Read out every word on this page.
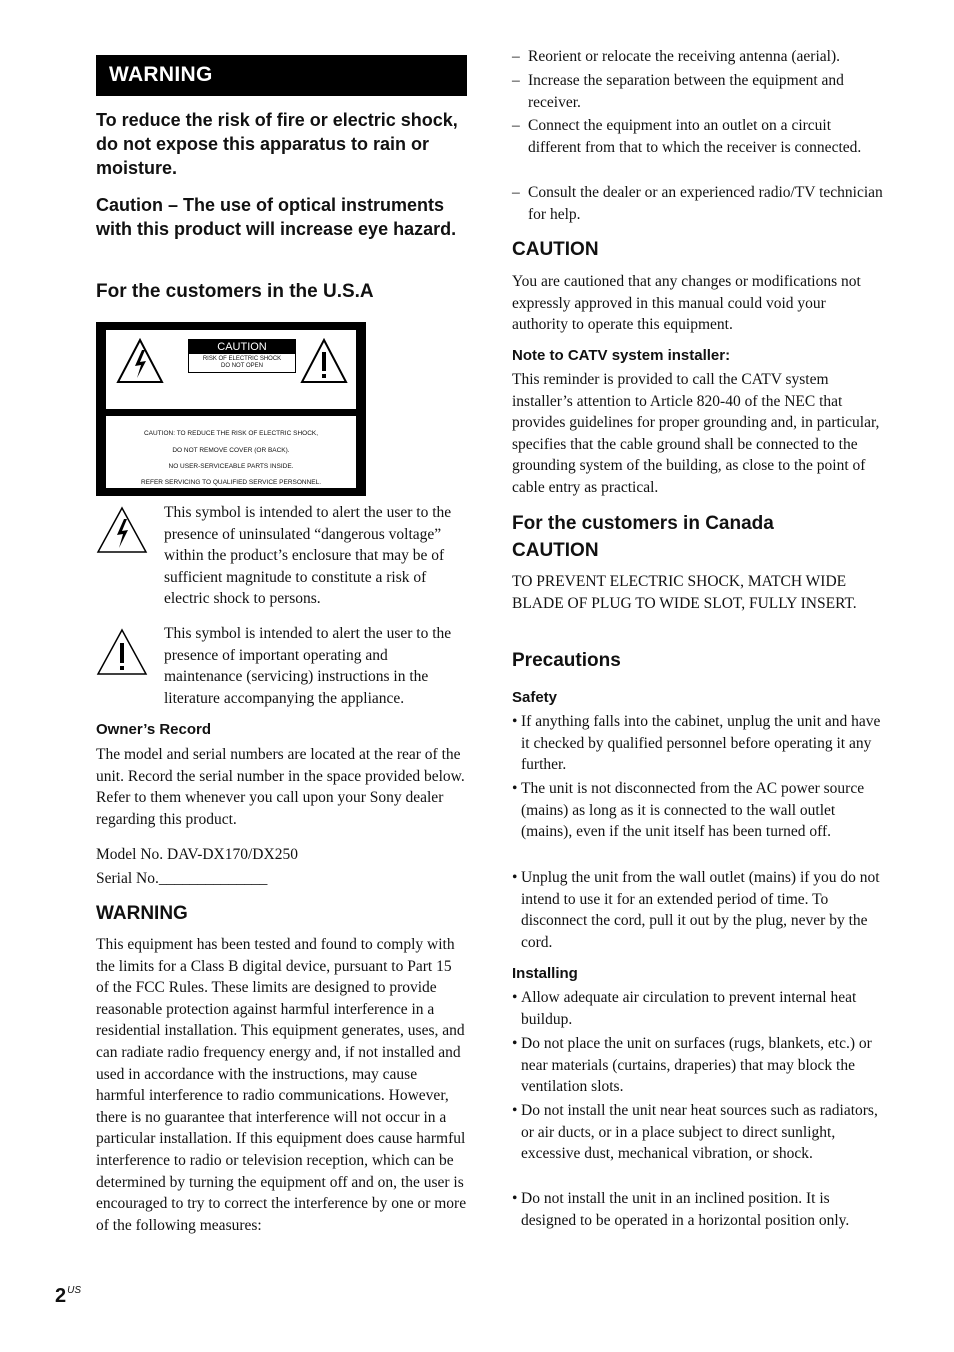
WARNING
To reduce the risk of fire or electric shock, do not expose this apparatus to rain or moisture.
Caution – The use of optical instruments with this product will increase eye hazard.
For the customers in the U.S.A
CAUTION
RISK OF ELECTRIC SHOCK
DO NOT OPEN
CAUTION: TO REDUCE THE RISK OF ELECTRIC SHOCK,
DO NOT REMOVE COVER (OR BACK).
NO USER-SERVICEABLE PARTS INSIDE.
REFER SERVICING TO QUALIFIED SERVICE PERSONNEL.

This symbol is intended to alert the user to the presence of uninsulated “dangerous voltage” within the product’s enclosure that may be of sufficient magnitude to constitute a risk of electric shock to persons.

This symbol is intended to alert the user to the presence of important operating and maintenance (servicing) instructions in the literature accompanying the appliance.

Owner’s Record

The model and serial numbers are located at the rear of the unit. Record the serial number in the space provided below. Refer to them whenever you call upon your Sony dealer regarding this product.

Model No. DAV-DX170/DX250

Serial No.______________

WARNING

This equipment has been tested and found to comply with the limits for a Class B digital device, pursuant to Part 15 of the FCC Rules. These limits are designed to provide reasonable protection against harmful interference in a residential installation. This equipment generates, uses, and can radiate radio frequency energy and, if not installed and used in accordance with the instructions, may cause harmful interference to radio communications. However, there is no guarantee that interference will not occur in a particular installation. If this equipment does cause harmful interference to radio or television reception, which can be determined by turning the equipment off and on, the user is encouraged to try to correct the interference by one or more of the following measures:

– Reorient or relocate the receiving antenna (aerial).

– Increase the separation between the equipment and receiver.

– Connect the equipment into an outlet on a circuit different from that to which the receiver is connected.

– Consult the dealer or an experienced radio/TV technician for help.

CAUTION

You are cautioned that any changes or modifications not expressly approved in this manual could void your authority to operate this equipment.

Note to CATV system installer:

This reminder is provided to call the CATV system installer’s attention to Article 820-40 of the NEC that provides guidelines for proper grounding and, in particular, specifies that the cable ground shall be connected to the grounding system of the building, as close to the point of cable entry as practical.

For the customers in Canada
CAUTION

TO PREVENT ELECTRIC SHOCK, MATCH WIDE BLADE OF PLUG TO WIDE SLOT, FULLY INSERT.

Precautions
Safety
• If anything falls into the cabinet, unplug the unit and have it checked by qualified personnel before operating it any further.

• The unit is not disconnected from the AC power source (mains) as long as it is connected to the wall outlet (mains), even if the unit itself has been turned off.

• Unplug the unit from the wall outlet (mains) if you do not intend to use it for an extended period of time. To disconnect the cord, pull it out by the plug, never by the cord.

Installing
• Allow adequate air circulation to prevent internal heat buildup.

• Do not place the unit on surfaces (rugs, blankets, etc.) or near materials (curtains, draperies) that may block the ventilation slots.

• Do not install the unit near heat sources such as radiators, or air ducts, or in a place subject to direct sunlight, excessive dust, mechanical vibration, or shock.

• Do not install the unit in an inclined position. It is designed to be operated in a horizontal position only.

$2^{US}$
